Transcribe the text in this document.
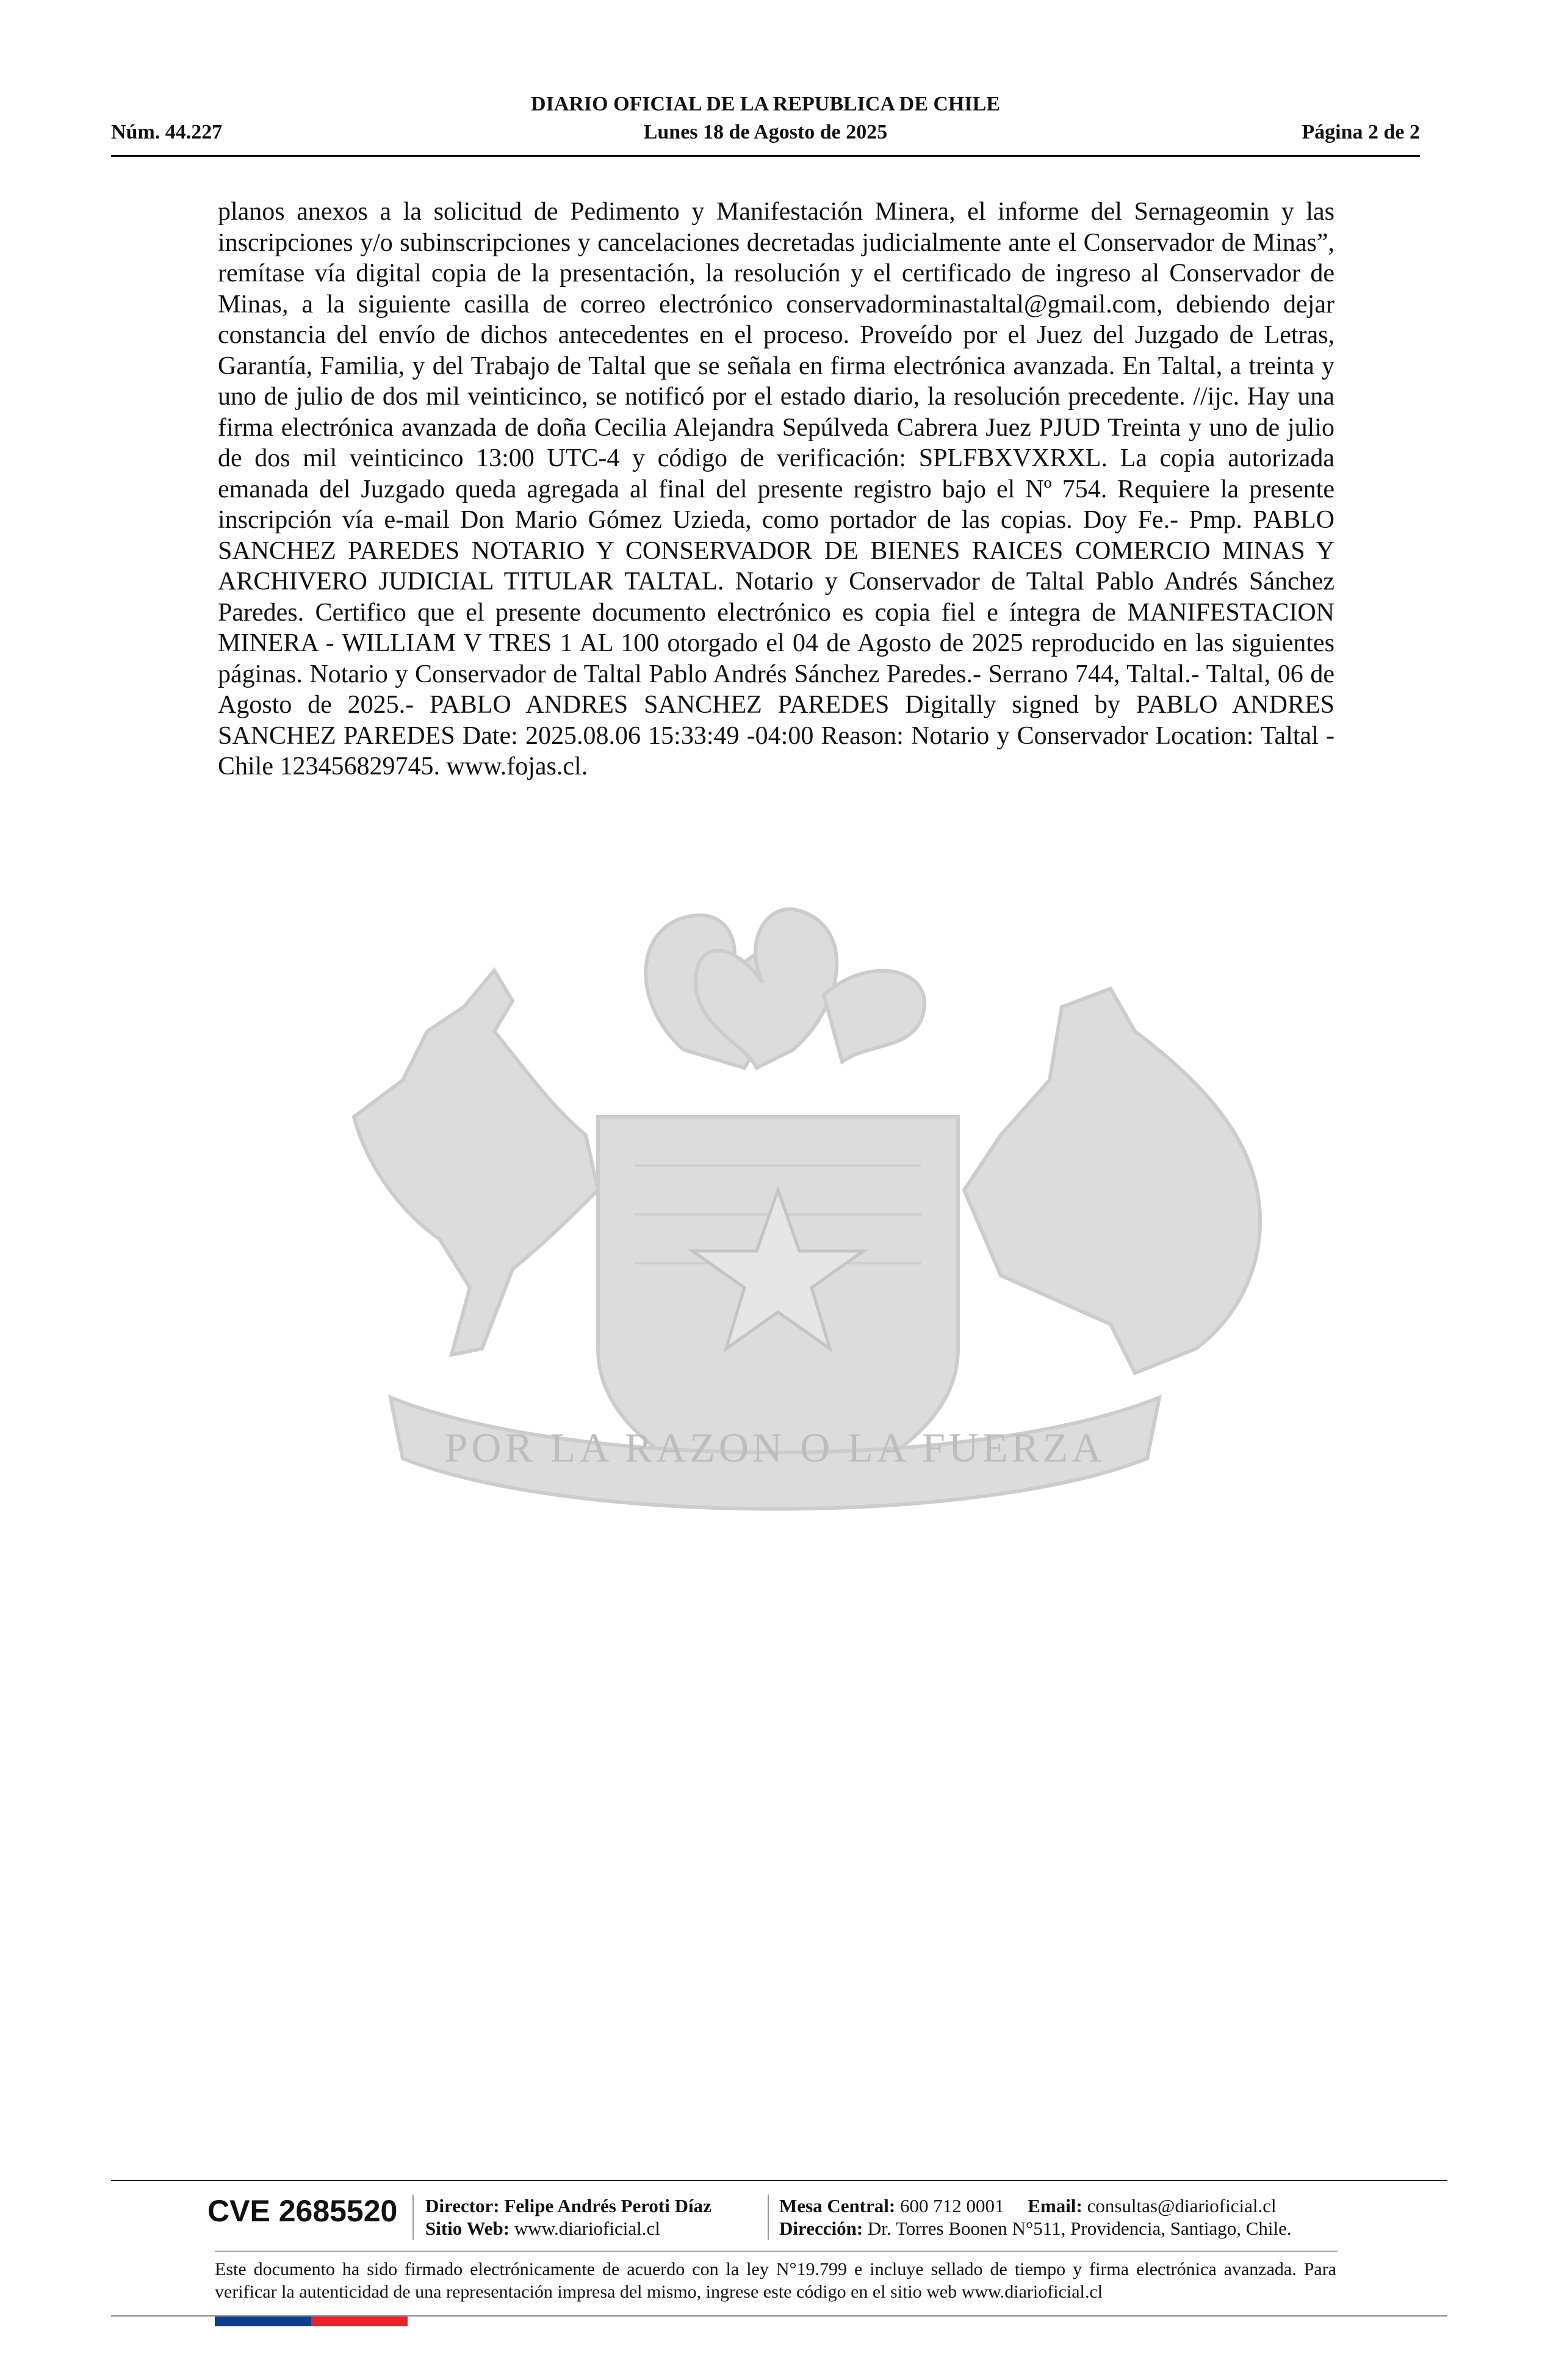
DIARIO OFICIAL DE LA REPUBLICA DE CHILE
Núm. 44.227	Lunes 18 de Agosto de 2025	Página 2 de 2
POR LA RAZON O LA FUERZA
planos anexos a la solicitud de Pedimento y Manifestación Minera, el informe del Sernageomin y las inscripciones y/o subinscripciones y cancelaciones decretadas judicialmente ante el Conservador de Minas”, remítase vía digital copia de la presentación, la resolución y el certificado de ingreso al Conservador de Minas, a la siguiente casilla de correo electrónico conservadorminastaltal@gmail.com, debiendo dejar constancia del envío de dichos antecedentes en el proceso. Proveído por el Juez del Juzgado de Letras, Garantía, Familia, y del Trabajo de Taltal que se señala en firma electrónica avanzada. En Taltal, a treinta y uno de julio de dos mil veinticinco, se notificó por el estado diario, la resolución precedente. //ijc. Hay una firma electrónica avanzada de doña Cecilia Alejandra Sepúlveda Cabrera Juez PJUD Treinta y uno de julio de dos mil veinticinco 13:00 UTC-4 y código de verificación: SPLFBXVXRXL. La copia autorizada emanada del Juzgado queda agregada al final del presente registro bajo el Nº 754. Requiere la presente inscripción vía e-mail Don Mario Gómez Uzieda, como portador de las copias. Doy Fe.- Pmp. PABLO SANCHEZ PAREDES NOTARIO Y CONSERVADOR DE BIENES RAICES COMERCIO MINAS Y ARCHIVERO JUDICIAL TITULAR TALTAL. Notario y Conservador de Taltal Pablo Andrés Sánchez Paredes. Certifico que el presente documento electrónico es copia fiel e íntegra de MANIFESTACION MINERA - WILLIAM V TRES 1 AL 100 otorgado el 04 de Agosto de 2025 reproducido en las siguientes páginas. Notario y Conservador de Taltal Pablo Andrés Sánchez Paredes.- Serrano 744, Taltal.- Taltal, 06 de Agosto de 2025.- PABLO ANDRES SANCHEZ PAREDES Digitally signed by PABLO ANDRES SANCHEZ PAREDES Date: 2025.08.06 15:33:49 -04:00 Reason: Notario y Conservador Location: Taltal - Chile 123456829745. www.fojas.cl.
CVE 2685520	Director: Felipe Andrés Peroti Díaz
Sitio Web: www.diarioficial.cl
Mesa Central: 600 712 0001 Email: consultas@diarioficial.cl
Dirección: Dr. Torres Boonen N°511, Providencia, Santiago, Chile.
Este documento ha sido firmado electrónicamente de acuerdo con la ley N°19.799 e incluye sellado de tiempo y firma electrónica avanzada. Para verificar la autenticidad de una representación impresa del mismo, ingrese este código en el sitio web www.diarioficial.cl
